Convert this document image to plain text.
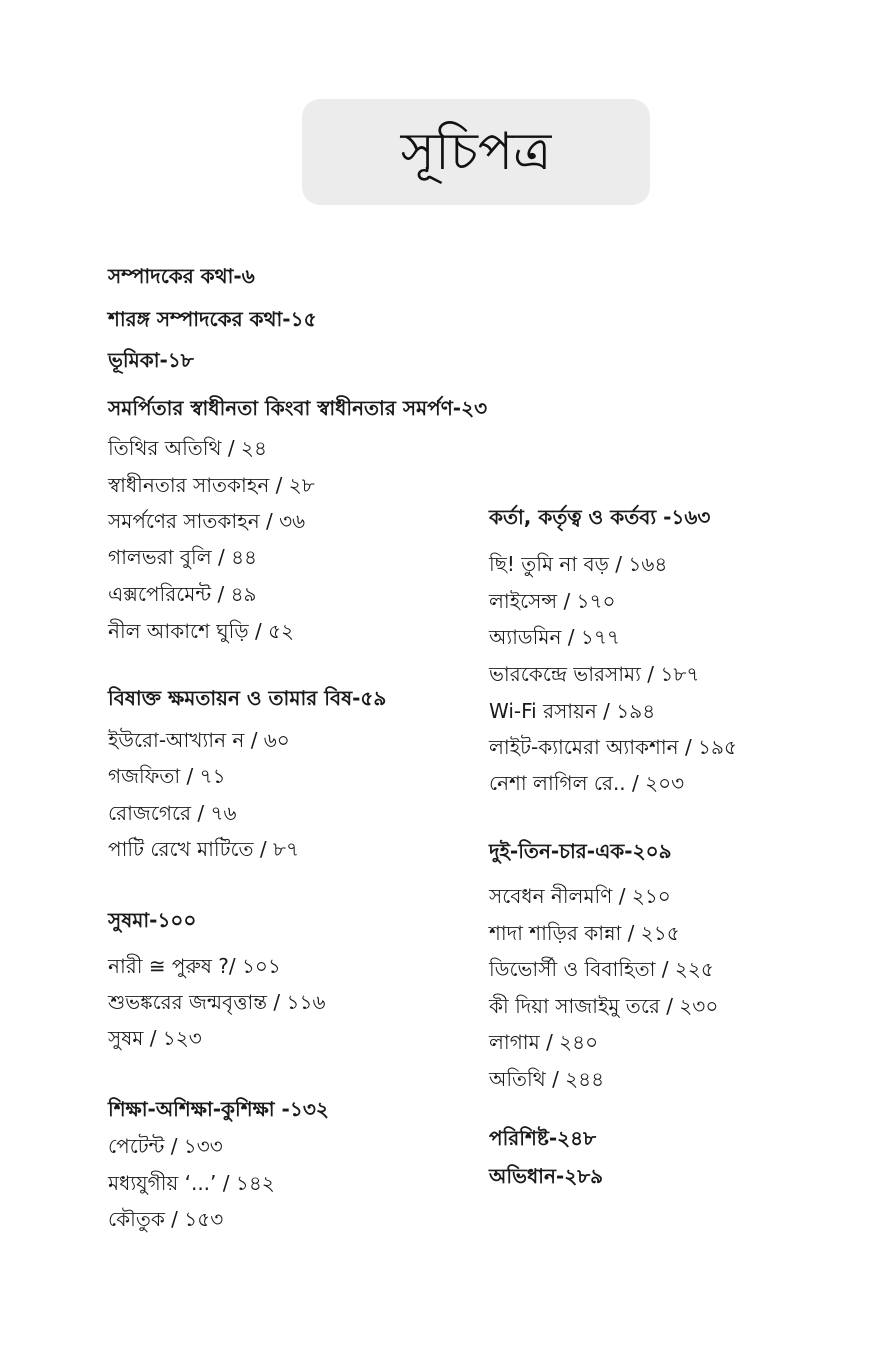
সূচিপত্র
সম্পাদকের কথা-৬
শারঙ্গ সম্পাদকের কথা-১৫
ভূমিকা-১৮
সমর্পিতার স্বাধীনতা কিংবা স্বাধীনতার সমর্পণ-২৩
তিথির অতিথি / ২৪
স্বাধীনতার সাতকাহন / ২৮
সমর্পণের সাতকাহন / ৩৬
গালভরা বুলি / ৪৪
এক্সপেরিমেন্ট / ৪৯
নীল আকাশে ঘুড়ি / ৫২
বিষাক্ত ক্ষমতায়ন ও তামার বিষ-৫৯
ইউরো-আখ্যান ন / ৬০
গজফিতা / ৭১
রোজগেরে / ৭৬
পাটি রেখে মাটিতে / ৮৭
সুষমা-১০০
নারী ≅ পুরুষ ?/ ১০১
শুভঙ্করের জন্মবৃত্তান্ত / ১১৬
সুষম / ১২৩
শিক্ষা-অশিক্ষা-কুশিক্ষা -১৩২
পেটেন্ট / ১৩৩
মধ্যযুগীয় ‘...’ / ১৪২
কৌতুক / ১৫৩
কর্তা, কর্তৃত্ব ও কর্তব্য -১৬৩
ছি! তুমি না বড় / ১৬৪
লাইসেন্স / ১৭০
অ্যাডমিন / ১৭৭
ভারকেন্দ্রে ভারসাম্য / ১৮৭
Wi-Fi রসায়ন / ১৯৪
লাইট-ক্যামেরা অ্যাকশান / ১৯৫
নেশা লাগিল রে.. / ২০৩
দুই-তিন-চার-এক-২০৯
সবেধন নীলমণি / ২১০
শাদা শাড়ির কান্না / ২১৫
ডিভোর্সী ও বিবাহিতা / ২২৫
কী দিয়া সাজাইমু তরে / ২৩০
লাগাম / ২৪০
অতিথি / ২৪৪
পরিশিষ্ট-২৪৮
অভিধান-২৮৯
